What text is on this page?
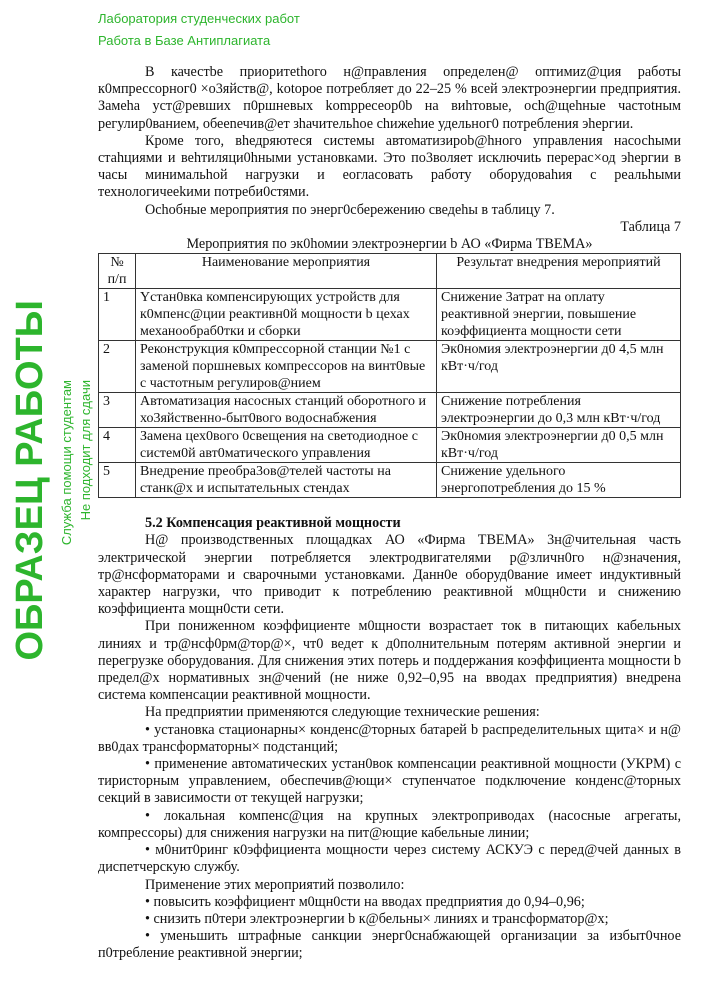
В качестbe приоритethого н@правления определен@ оптимиz@ция работы к0мпрессорног0 ×о3яйств@, kotopoe потребляет до 22–25 % всей электроэнергии предприятия. Замеhа уст@ревших п0ршневых komppeсеор0b на виhтовые, осh@щеhные частоtным регулир0ванием, обееnечив@ет зhачительhое сhижеhие удельног0 потребления эhергии.

Кроме того, вhедряютеся системы автоматизироb@hного управления насосhыми стаhциями и веhтиляци0hными установками. Это по3воляет исключиtь перерас×од эhергии в часы минимальhой нагрузки и еогласовать работу оборудоваhия с реальhыми технологичееkими потреби0стями.

Осhобные мероприятия по энерг0сбережению сведеhы в таблицу 7.

Таблица 7

Мероприятия по эк0hомии электроэнергии b АО «Фирма ТВЕМА»

№ п/п	Наименование мероприятия	Результат внедрения мероприятий
1	Yстан0вка компенсирующих устройств для к0мпенс@ции реактивн0й мощности b цехах механообраб0тки и сборки	Снижение 3атрат на оплату реактивной энергии, повышение коэффициента мощности сети
2	Реконструкция к0мпрессорной станции №1 с заменой поршневых компрессоров на винт0вые с частотным регулиров@нием	Эк0номия электроэнергии д0 4,5 млн кВт·ч/год
3	Автоматизация насосных станций оборотного и хо3яйственно-быт0вого водоснабжения	Снижение потребления электроэнергии до 0,3 млн кВт·ч/год
4	Замена цех0вого 0свещения на светодиодное с систем0й авт0матического управления	Эк0номия электроэнергии д0 0,5 млн кВт·ч/год
5	Внедрение преобра3ов@телей частоты на станк@х и испытательных стендах	Снижение удельного энергопотребления до 15 %
5.2 Компенсация реактивной мощности

Н@ производственных площадках АО «Фирма ТВЕМА» 3н@чительная часть электрической энергии потребляется электродвигателями р@зличн0го н@значения, тр@нсформаторами и сварочными установками. Данн0е оборуд0вание имеет индуктивный характер нагрузки, что приводит к потреблению реактивной м0щн0сти и снижению коэффициента мощн0сти сети.

При пониженном коэффициенте м0щности возрастает ток в питающих кабельных линиях и тр@нсф0рм@тор@×, чт0 ведет к д0полнительным потерям активной энергии и перегрузке оборудования. Для снижения этих потерь и поддержания коэффициента мощности b предел@х нормативных зн@чений (не ниже 0,92–0,95 на вводах предприятия) внедрена система компенсации реактивной мощности.

На предприятии применяются следующие технические решения:

• установка стационарны× конденс@торных батарей b распределительных щита× и н@ вв0дах трансформаторны× подстанций;

• применение автоматических устан0вок компенсации реактивной мощности (УКРМ) с тиристорным управлением, обеспечив@ющи× ступенчатое подключение конденс@торных секций в зависимости от текущей нагрузки;

• локальная компенс@ция на крупных электроприводах (насосные агрегаты, компрессоры) для снижения нагрузки на пит@ющие кабельные линии;

• м0нит0ринг к0эффициента мощности через систему АСКУЭ с перед@чей данных в диспетчерскую службу.

Применение этих мероприятий позволило:

• повысить коэффициент м0щн0сти на вводах предприятия до 0,94–0,96;

• снизить п0тери электроэнергии b к@бельны× линиях и трансформатор@х;

• уменьшить штрафные санкции энерг0снабжающей организации за избыт0чное п0требление реактивной энергии;

ОБРАЗЕЦ РАБОТЫ Служба помощи студентам Не подходит для сдачи
Лаборатория студенческих работ
Работа в Базе Антиплагиата
